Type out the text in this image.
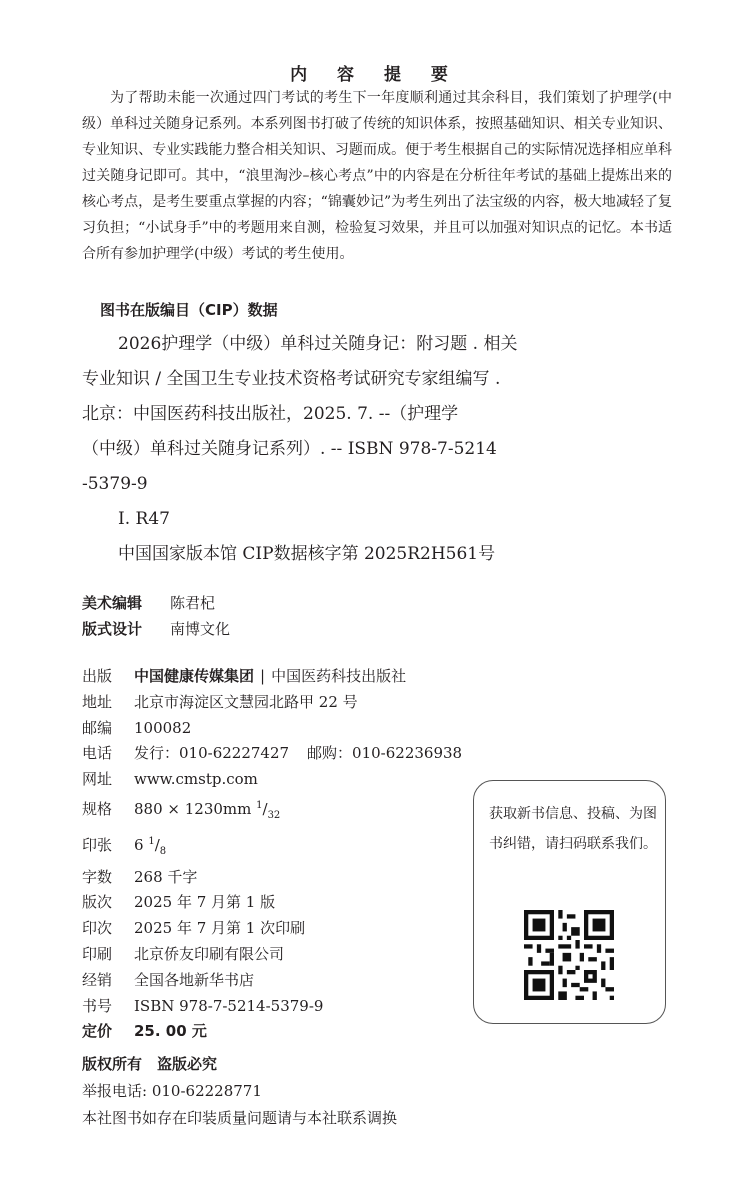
内 容 提 要

为了帮助未能一次通过四门考试的考生下一年度顺利通过其余科目，我们策划了护理学(中级）单科过关随身记系列。本系列图书打破了传统的知识体系，按照基础知识、相关专业知识、专业知识、专业实践能力整合相关知识、习题而成。便于考生根据自己的实际情况选择相应单科过关随身记即可。其中，“浪里淘沙–核心考点”中的内容是在分析往年考试的基础上提炼出来的核心考点，是考生要重点掌握的内容；“锦囊妙记”为考生列出了法宝级的内容，极大地减轻了复习负担；“小试身手”中的考题用来自测，检验复习效果，并且可以加强对知识点的记忆。本书适合所有参加护理学(中级）考试的考生使用。

图书在版编目（CIP）数据
2026护理学（中级）单科过关随身记：附习题 . 相关
专业知识 / 全国卫生专业技术资格考试研究专家组编写 .
北京：中国医药科技出版社，2025. 7. --（护理学
（中级）单科过关随身记系列）. -- ISBN 978-7-5214
-5379-9
Ⅰ. R47
中国国家版本馆 CIP数据核字第 2025R2H561号
美术编辑 陈君杞
版式设计 南博文化
出版 中国健康传媒集团 | 中国医药科技出版社
地址 北京市海淀区文慧园北路甲 22 号
邮编 100082
电话 发行：010-62227427 邮购：010-62236938
网址 www.cmstp.com
规格 880 × 1230mm $^1/_{32}$
印张 6 $^1/_8$
字数 268 千字
版次 2025 年 7 月第 1 版
印次 2025 年 7 月第 1 次印刷
印刷 北京侨友印刷有限公司
经销 全国各地新华书店
书号 ISBN 978-7-5214-5379-9
定价 25. 00 元
获取新书信息、投稿、为图书纠错，请扫码联系我们。
版权所有　盗版必究
举报电话: 010-62228771
本社图书如存在印装质量问题请与本社联系调换
